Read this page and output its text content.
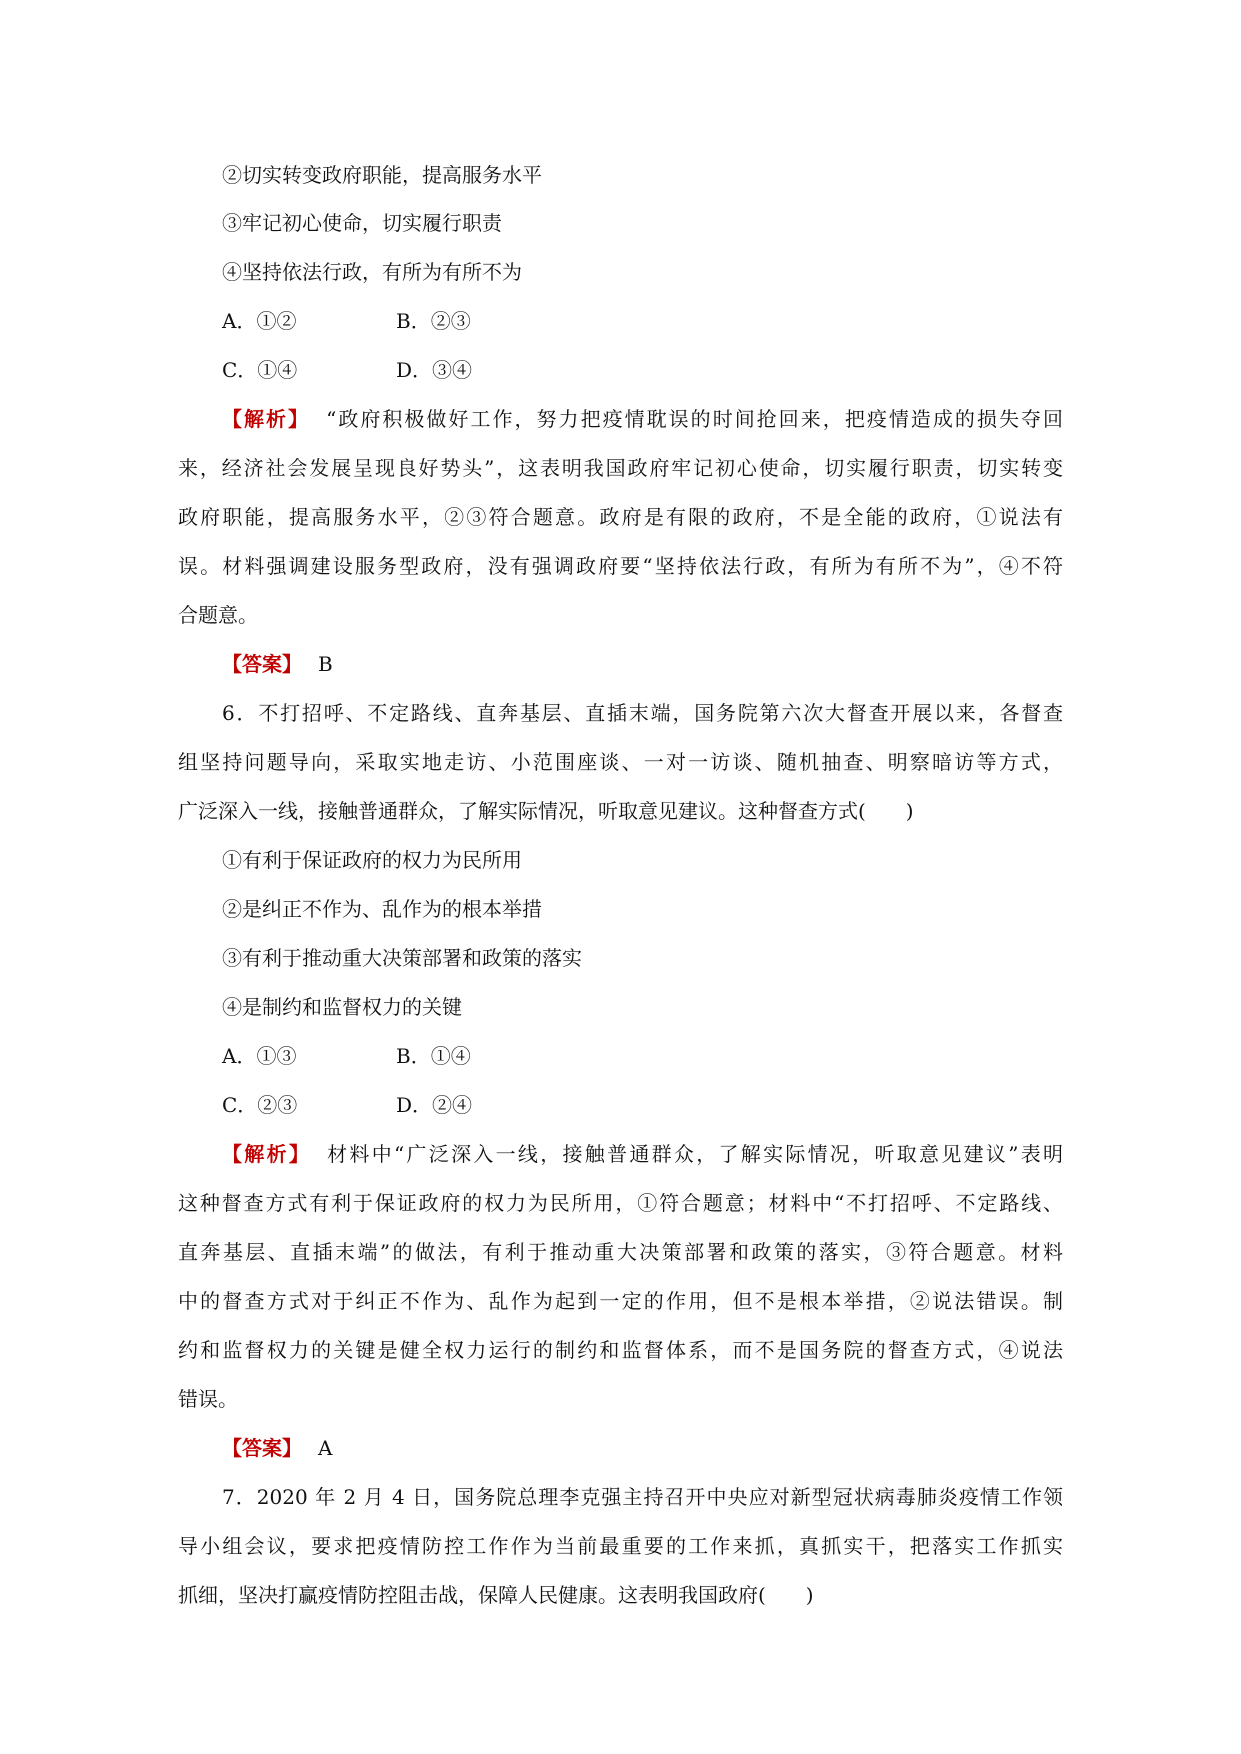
②切实转变政府职能，提高服务水平
③牢记初心使命，切实履行职责
④坚持依法行政，有所为有所不为
A．①②	B．②③
C．①④	D．③④
【解析】 “政府积极做好工作，努力把疫情耽误的时间抢回来，把疫情造成的损失夺回
来，经济社会发展呈现良好势头”，这表明我国政府牢记初心使命，切实履行职责，切实转变
政府职能，提高服务水平，②③符合题意。政府是有限的政府，不是全能的政府，①说法有
误。材料强调建设服务型政府，没有强调政府要“坚持依法行政，有所为有所不为”，④不符
合题意。
【答案】 B
6．不打招呼、不定路线、直奔基层、直插末端，国务院第六次大督查开展以来，各督查
组坚持问题导向，采取实地走访、小范围座谈、一对一访谈、随机抽查、明察暗访等方式，
广泛深入一线，接触普通群众，了解实际情况，听取意见建议。这种督查方式(　　)
①有利于保证政府的权力为民所用
②是纠正不作为、乱作为的根本举措
③有利于推动重大决策部署和政策的落实
④是制约和监督权力的关键
A．①③	B．①④
C．②③	D．②④
【解析】 材料中“广泛深入一线，接触普通群众，了解实际情况，听取意见建议”表明
这种督查方式有利于保证政府的权力为民所用，①符合题意；材料中“不打招呼、不定路线、
直奔基层、直插末端”的做法，有利于推动重大决策部署和政策的落实，③符合题意。材料
中的督查方式对于纠正不作为、乱作为起到一定的作用，但不是根本举措，②说法错误。制
约和监督权力的关键是健全权力运行的制约和监督体系，而不是国务院的督查方式，④说法
错误。
【答案】 A
7．2020 年 2 月 4 日，国务院总理李克强主持召开中央应对新型冠状病毒肺炎疫情工作领
导小组会议，要求把疫情防控工作作为当前最重要的工作来抓，真抓实干，把落实工作抓实
抓细，坚决打赢疫情防控阻击战，保障人民健康。这表明我国政府(　　)
